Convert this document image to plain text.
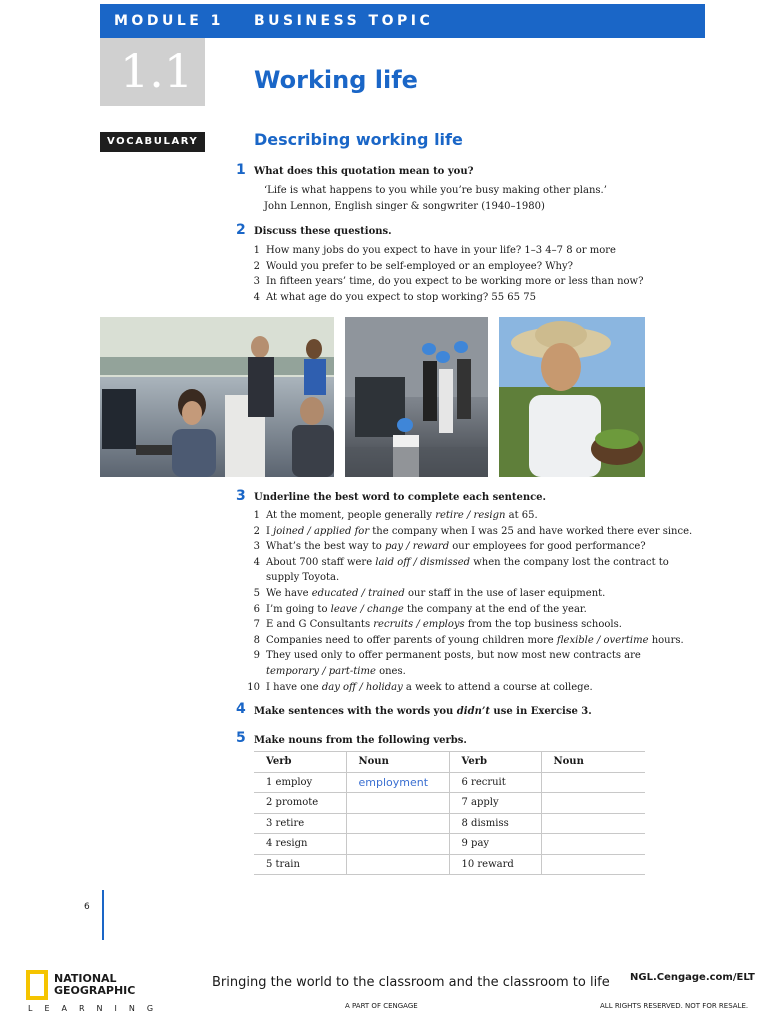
MODULE 1 BUSINESS TOPIC
1.1	Working life
VOCABULARY	Describing working life
1 What does this quotation mean to you?
‘Life is what happens to you while you’re busy making other plans.’
John Lennon, English singer & songwriter (1940–1980)
2 Discuss these questions.
1 How many jobs do you expect to have in your life? 1–3 4–7 8 or more
2 Would you prefer to be self-employed or an employee? Why?
3 In fifteen years’ time, do you expect to be working more or less than now?
4 At what age do you expect to stop working? 55 65 75
3 Underline the best word to complete each sentence.
1 At the moment, people generally retire / resign at 65.
2 I joined / applied for the company when I was 25 and have worked there ever since.
3 What’s the best way to pay / reward our employees for good performance?
4 About 700 staff were laid off / dismissed when the company lost the contract to
supply Toyota.
5 We have educated / trained our staff in the use of laser equipment.
6 I’m going to leave / change the company at the end of the year.
7 E and G Consultants recruits / employs from the top business schools.
8 Companies need to offer parents of young children more flexible / overtime hours.
9 They used only to offer permanent posts, but now most new contracts are
temporary / part-time ones.
10 I have one day off / holiday a week to attend a course at college.
4 Make sentences with the words you didn’t use in Exercise 3.
5 Make nouns from the following verbs.
Verb	Noun	Verb	Noun
1 employ	employment	6 recruit	
2 promote		7 apply	
3 retire		8 dismiss	
4 resign		9 pay	
5 train		10 reward	
6
NATIONAL
GEOGRAPHIC
LEARNING
Bringing the world to the classroom and the classroom to life
A PART OF CENGAGE
NGL.Cengage.com/ELT
ALL RIGHTS RESERVED. NOT FOR RESALE.
